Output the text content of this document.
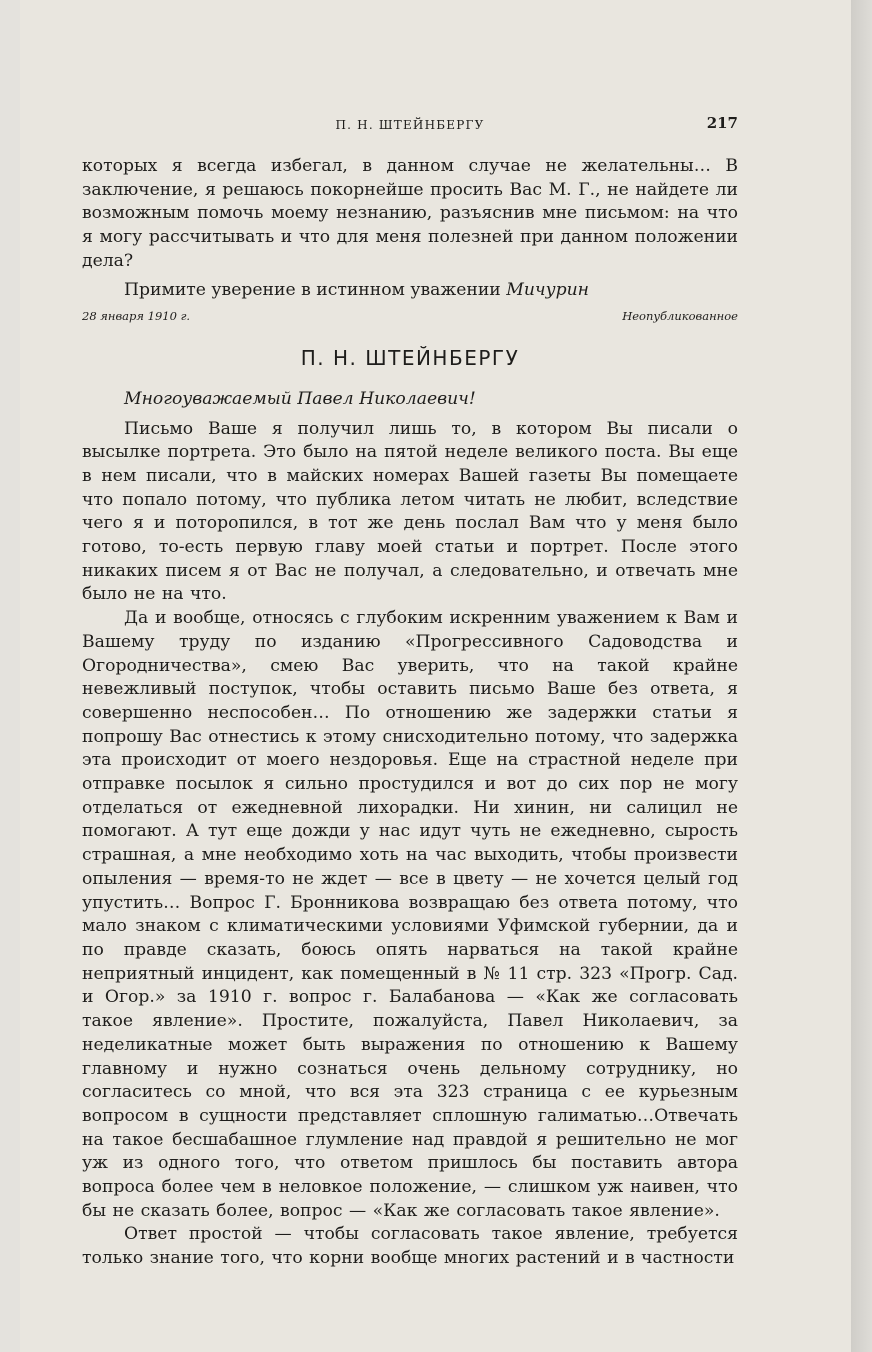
П. Н. ШТЕЙНБЕРГУ	217

которых я всегда избегал, в данном случае не желательны… В заключение, я решаюсь покорнейше просить Вас М. Г., не найдете ли возможным помочь моему незнанию, разъяснив мне письмом: на что я могу рассчитывать и что для меня полезней при данном положении дела?

Примите уверение в истинном уважении Мичурин
28 января 1910 г.	Неопубликованное
П. Н. ШТЕЙНБЕРГУ
Многоуважаемый Павел Николаевич!

Письмо Ваше я получил лишь то, в котором Вы писали о высылке портрета. Это было на пятой неделе великого поста. Вы еще в нем писали, что в майских номерах Вашей газеты Вы помещаете что попало потому, что публика летом читать не любит, вследствие чего я и поторопился, в тот же день послал Вам что у меня было готово, то-есть первую главу моей статьи и портрет. После этого никаких писем я от Вас не получал, а следовательно, и отвечать мне было не на что.

Да и вообще, относясь с глубоким искренним уважением к Вам и Вашему труду по изданию «Прогрессивного Садоводства и Огородничества», смею Вас уверить, что на такой крайне невежливый поступок, чтобы оставить письмо Ваше без ответа, я совершенно неспособен… По отношению же задержки статьи я попрошу Вас отнестись к этому снисходительно потому, что задержка эта происходит от моего нездоровья. Еще на страстной неделе при отправке посылок я сильно простудился и вот до сих пор не могу отделаться от ежедневной лихорадки. Ни хинин, ни салицил не помогают. А тут еще дожди у нас идут чуть не ежедневно, сырость страшная, а мне необходимо хоть на час выходить, чтобы произвести опыления — время-то не ждет — все в цвету — не хочется целый год упустить… Вопрос Г. Бронникова возвращаю без ответа потому, что мало знаком с климатическими условиями Уфимской губернии, да и по правде сказать, боюсь опять нарваться на такой крайне неприятный инцидент, как помещенный в № 11 стр. 323 «Прогр. Сад. и Огор.» за 1910 г. вопрос г. Балабанова — «Как же согласовать такое явление». Простите, пожалуйста, Павел Николаевич, за неделикатные может быть выражения по отношению к Вашему главному и нужно сознаться очень дельному сотруднику, но согласитесь со мной, что вся эта 323 страница с ее курьезным вопросом в сущности представляет сплошную галиматью…Отвечать на такое бесшабашное глумление над правдой я решительно не мог уж из одного того, что ответом пришлось бы поставить автора вопроса более чем в неловкое положение, — слишком уж наивен, что бы не сказать более, вопрос — «Как же согласовать такое явление».

Ответ простой — чтобы согласовать такое явление, требуется только знание того, что корни вообще многих растений и в частности
